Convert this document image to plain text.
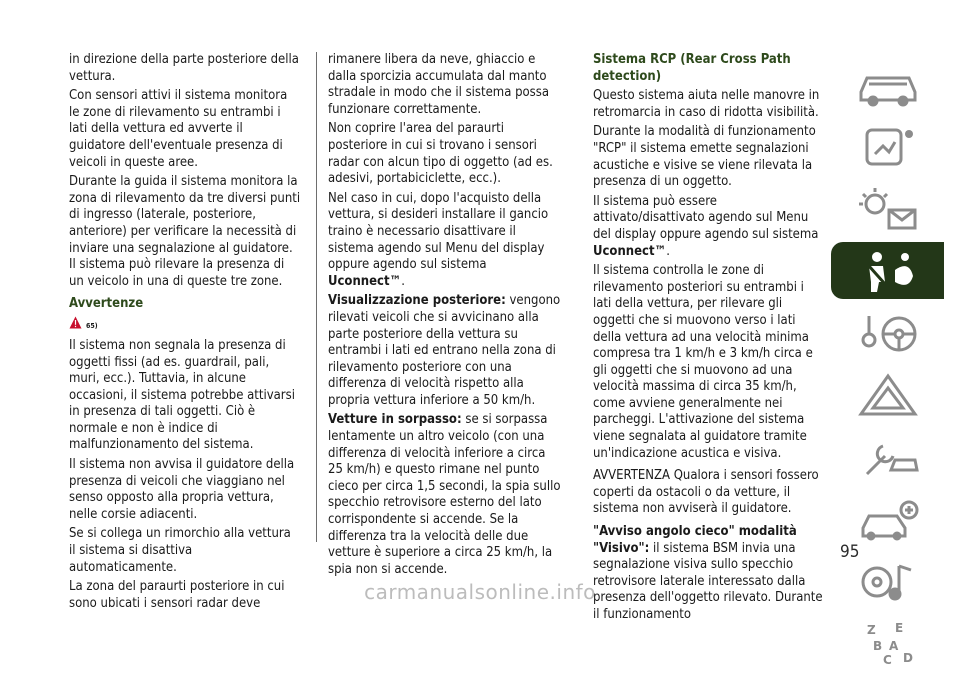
in direzione della parte posteriore della vettura.

Con sensori attivi il sistema monitora le zone di rilevamento su entrambi i lati della vettura ed avverte il guidatore dell'eventuale presenza di veicoli in queste aree.

Durante la guida il sistema monitora la zona di rilevamento da tre diversi punti di ingresso (laterale, posteriore, anteriore) per verificare la necessità di inviare una segnalazione al guidatore. Il sistema può rilevare la presenza di un veicolo in una di queste tre zone.

Avvertenze

65)

Il sistema non segnala la presenza di oggetti fissi (ad es. guardrail, pali, muri, ecc.). Tuttavia, in alcune occasioni, il sistema potrebbe attivarsi in presenza di tali oggetti. Ciò è normale e non è indice di malfunzionamento del sistema.

Il sistema non avvisa il guidatore della presenza di veicoli che viaggiano nel senso opposto alla propria vettura, nelle corsie adiacenti.

Se si collega un rimorchio alla vettura il sistema si disattiva automaticamente.

La zona del paraurti posteriore in cui sono ubicati i sensori radar deve

rimanere libera da neve, ghiaccio e dalla sporcizia accumulata dal manto stradale in modo che il sistema possa funzionare correttamente.

Non coprire l'area del paraurti posteriore in cui si trovano i sensori radar con alcun tipo di oggetto (ad es. adesivi, portabiciclette, ecc.).

Nel caso in cui, dopo l'acquisto della vettura, si desideri installare il gancio traino è necessario disattivare il sistema agendo sul Menu del display oppure agendo sul sistema Uconnect™.

Visualizzazione posteriore: vengono rilevati veicoli che si avvicinano alla parte posteriore della vettura su entrambi i lati ed entrano nella zona di rilevamento posteriore con una differenza di velocità rispetto alla propria vettura inferiore a 50 km/h.

Vetture in sorpasso: se si sorpassa lentamente un altro veicolo (con una differenza di velocità inferiore a circa 25 km/h) e questo rimane nel punto cieco per circa 1,5 secondi, la spia sullo specchio retrovisore esterno del lato corrispondente si accende. Se la differenza tra la velocità delle due vetture è superiore a circa 25 km/h, la spia non si accende.

Sistema RCP (Rear Cross Path detection)

Questo sistema aiuta nelle manovre in retromarcia in caso di ridotta visibilità.

Durante la modalità di funzionamento "RCP" il sistema emette segnalazioni acustiche e visive se viene rilevata la presenza di un oggetto.

Il sistema può essere attivato/disattivato agendo sul Menu del display oppure agendo sul sistema Uconnect™.

Il sistema controlla le zone di rilevamento posteriori su entrambi i lati della vettura, per rilevare gli oggetti che si muovono verso i lati della vettura ad una velocità minima compresa tra 1 km/h e 3 km/h circa e gli oggetti che si muovono ad una velocità massima di circa 35 km/h, come avviene generalmente nei parcheggi. L'attivazione del sistema viene segnalata al guidatore tramite un'indicazione acustica e visiva.

AVVERTENZA Qualora i sensori fossero coperti da ostacoli o da vetture, il sistema non avviserà il guidatore.

"Avviso angolo cieco" modalità "Visivo": il sistema BSM invia una segnalazione visiva sullo specchio retrovisore laterale interessato dalla presenza dell'oggetto rilevato. Durante il funzionamento

Z E
B A
D
C
95
carmanualsonline.info
